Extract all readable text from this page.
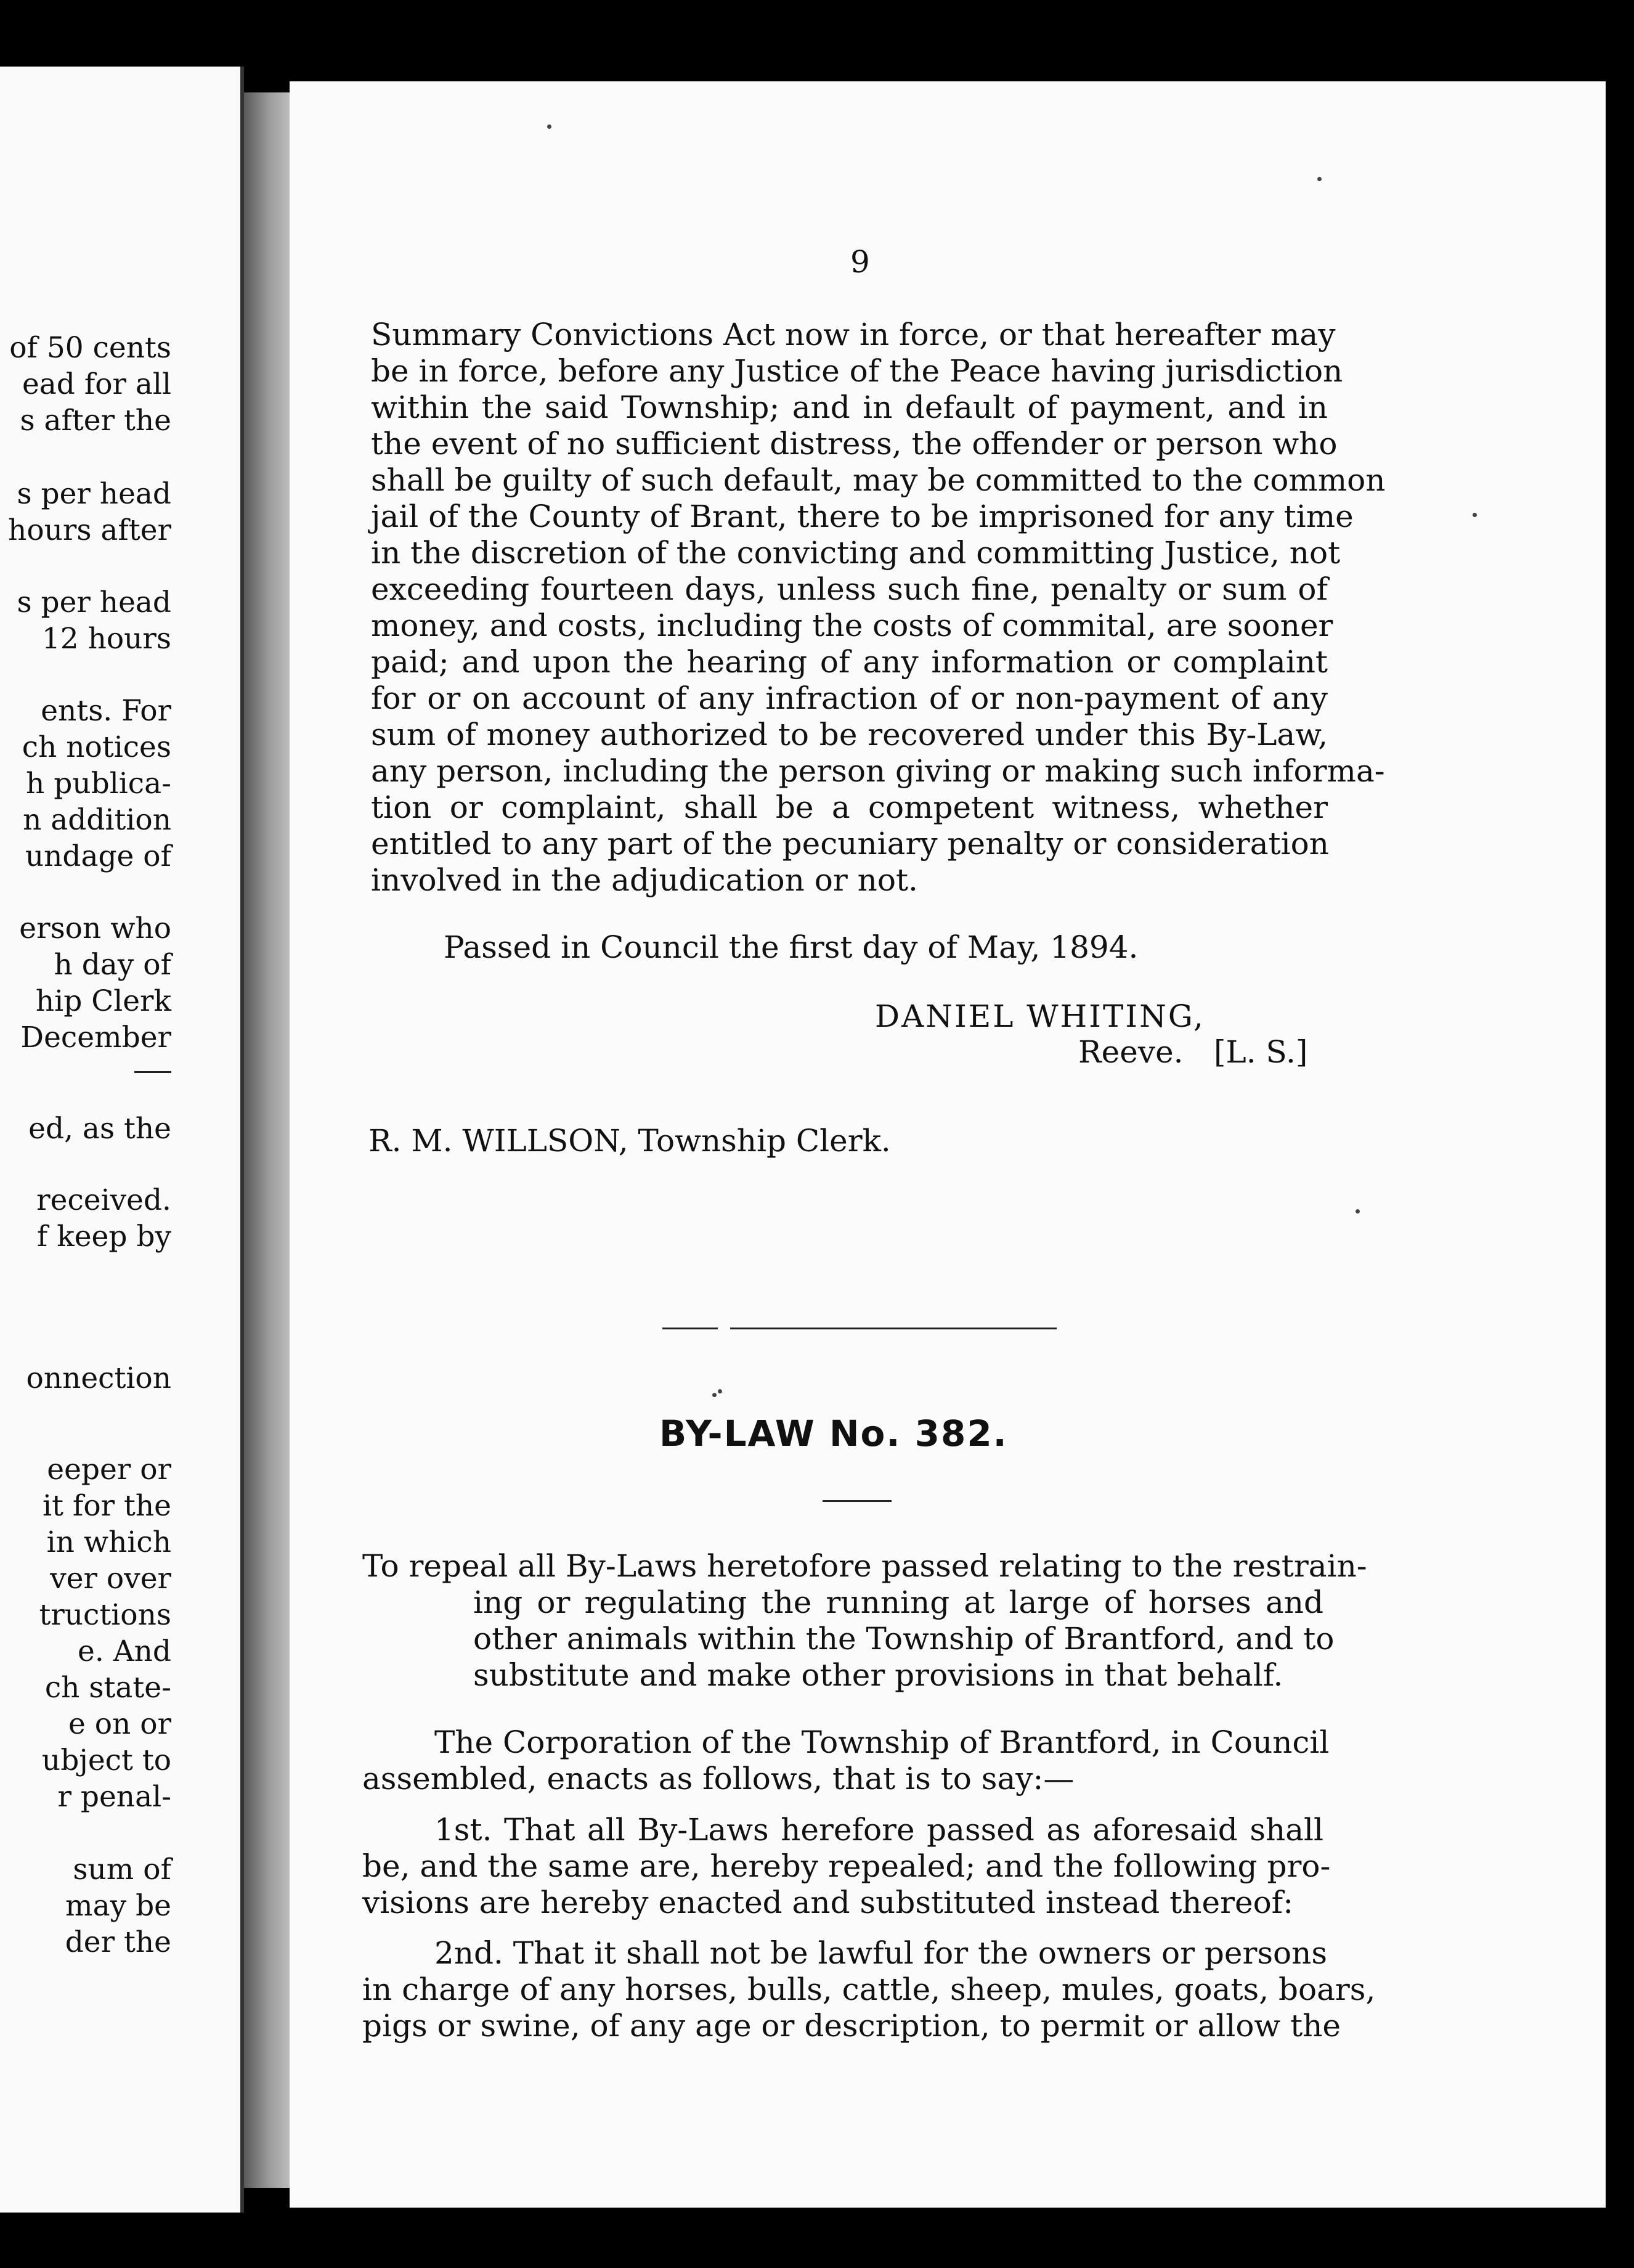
of 50 cents
ead for all
s after the
s per head
hours after
s per head
12 hours
ents. For
ch notices
h publica-
n addition
undage of
erson who
h day of
hip Clerk
December
ed, as the
received.
f keep by
onnection
eeper or
it for the
in which
ver over
tructions
e. And
ch state-
e on or
ubject to
r penal-
sum of
may be
der the
9
Summary Convictions Act now in force, or that hereafter may
be in force, before any Justice of the Peace having jurisdiction
within the said Township; and in default of payment, and in
the event of no sufficient distress, the offender or person who
shall be guilty of such default, may be committed to the common
jail of the County of Brant, there to be imprisoned for any time
in the discretion of the convicting and committing Justice, not
exceeding fourteen days, unless such fine, penalty or sum of
money, and costs, including the costs of commital, are sooner
paid; and upon the hearing of any information or complaint
for or on account of any infraction of or non-payment of any
sum of money authorized to be recovered under this By-Law,
any person, including the person giving or making such informa-
tion or complaint, shall be a competent witness, whether
entitled to any part of the pecuniary penalty or consideration
involved in the adjudication or not.
Passed in Council the first day of May, 1894.
DANIEL WHITING,
Reeve. [L. S.]
R. M. WILLSON, Township Clerk.
BY-LAW No. 382.
To repeal all By-Laws heretofore passed relating to the restrain-
ing or regulating the running at large of horses and
other animals within the Township of Brantford, and to
substitute and make other provisions in that behalf.
The Corporation of the Township of Brantford, in Council
assembled, enacts as follows, that is to say:—
1st. That all By-Laws herefore passed as aforesaid shall
be, and the same are, hereby repealed; and the following pro-
visions are hereby enacted and substituted instead thereof:
2nd. That it shall not be lawful for the owners or persons
in charge of any horses, bulls, cattle, sheep, mules, goats, boars,
pigs or swine, of any age or description, to permit or allow the
